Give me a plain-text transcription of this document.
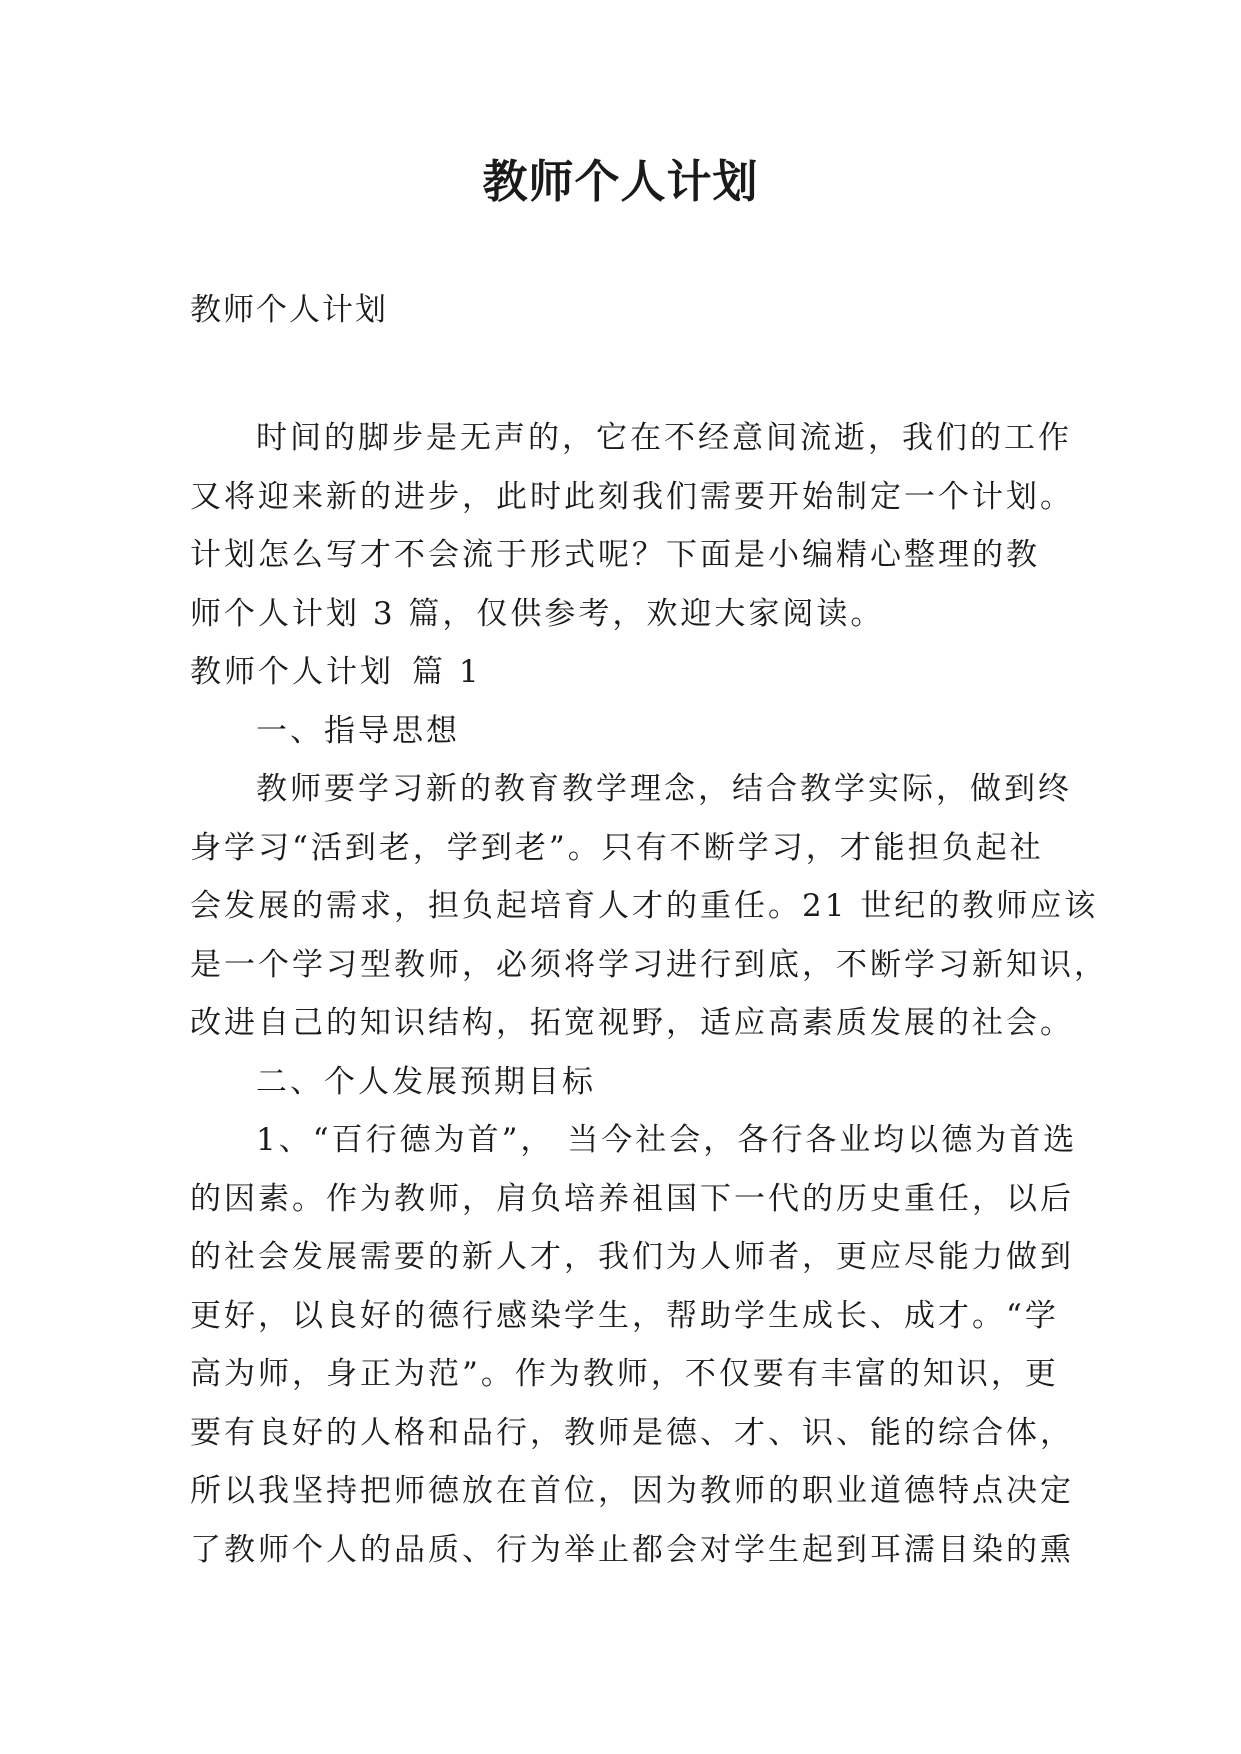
教师个人计划

教师个人计划

时间的脚步是无声的，它在不经意间流逝，我们的工作
又将迎来新的进步，此时此刻我们需要开始制定一个计划。
计划怎么写才不会流于形式呢？下面是小编精心整理的教
师个人计划 3 篇，仅供参考，欢迎大家阅读。
教师个人计划 篇 1
一、指导思想
教师要学习新的教育教学理念，结合教学实际，做到终
身学习“活到老，学到老”。只有不断学习，才能担负起社
会发展的需求，担负起培育人才的重任。21 世纪的教师应该
是一个学习型教师，必须将学习进行到底，不断学习新知识，
改进自己的知识结构，拓宽视野，适应高素质发展的社会。
二、个人发展预期目标
1、“百行德为首”， 当今社会，各行各业均以德为首选
的因素。作为教师，肩负培养祖国下一代的历史重任，以后
的社会发展需要的新人才，我们为人师者，更应尽能力做到
更好，以良好的德行感染学生，帮助学生成长、成才。“学
高为师，身正为范”。作为教师，不仅要有丰富的知识，更
要有良好的人格和品行，教师是德、才、识、能的综合体，
所以我坚持把师德放在首位，因为教师的职业道德特点决定
了教师个人的品质、行为举止都会对学生起到耳濡目染的熏
